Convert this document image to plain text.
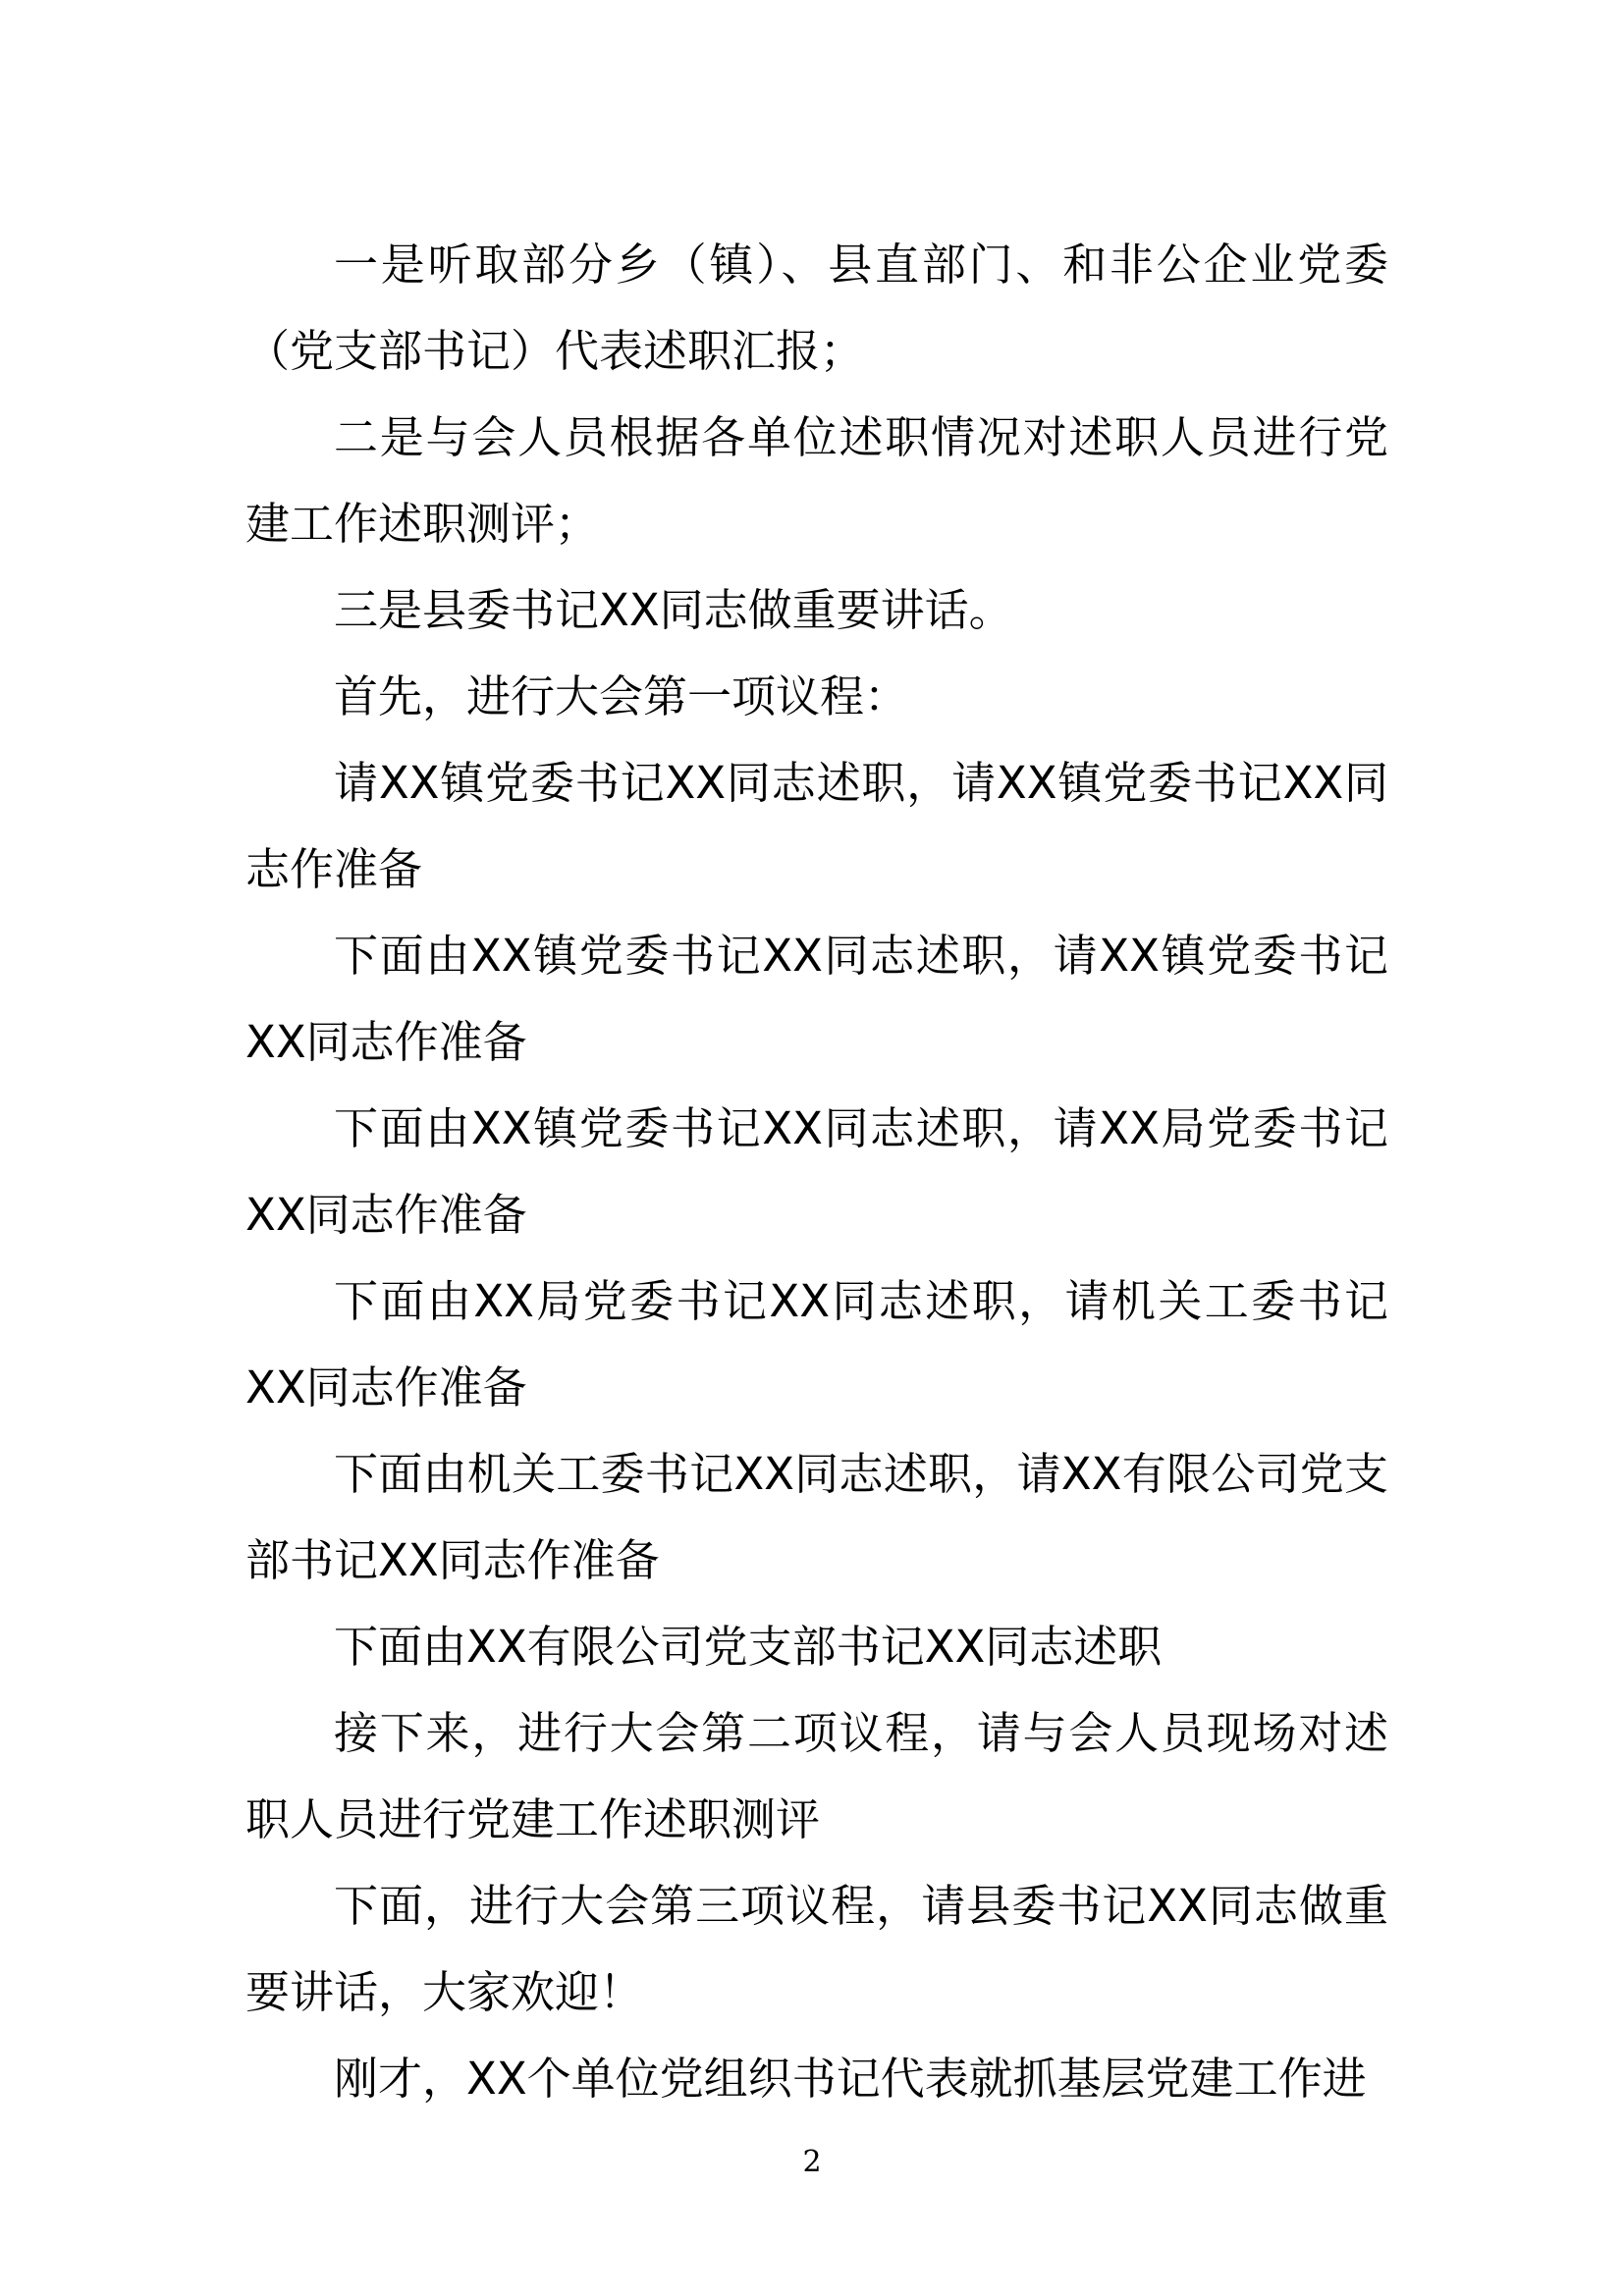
一是听取部分乡（镇）、县直部门、和非公企业党委（党支部书记）代表述职汇报；

二是与会人员根据各单位述职情况对述职人员进行党建工作述职测评；

三是县委书记XX同志做重要讲话。

首先，进行大会第一项议程：

请XX镇党委书记XX同志述职，请XX镇党委书记XX同志作准备

下面由XX镇党委书记XX同志述职，请XX镇党委书记XX同志作准备

下面由XX镇党委书记XX同志述职，请XX局党委书记XX同志作准备

下面由XX局党委书记XX同志述职，请机关工委书记XX同志作准备

下面由机关工委书记XX同志述职，请XX有限公司党支部书记XX同志作准备

下面由XX有限公司党支部书记XX同志述职

接下来，进行大会第二项议程，请与会人员现场对述职人员进行党建工作述职测评

下面，进行大会第三项议程，请县委书记XX同志做重要讲话，大家欢迎！

刚才，XX个单位党组织书记代表就抓基层党建工作进

2
